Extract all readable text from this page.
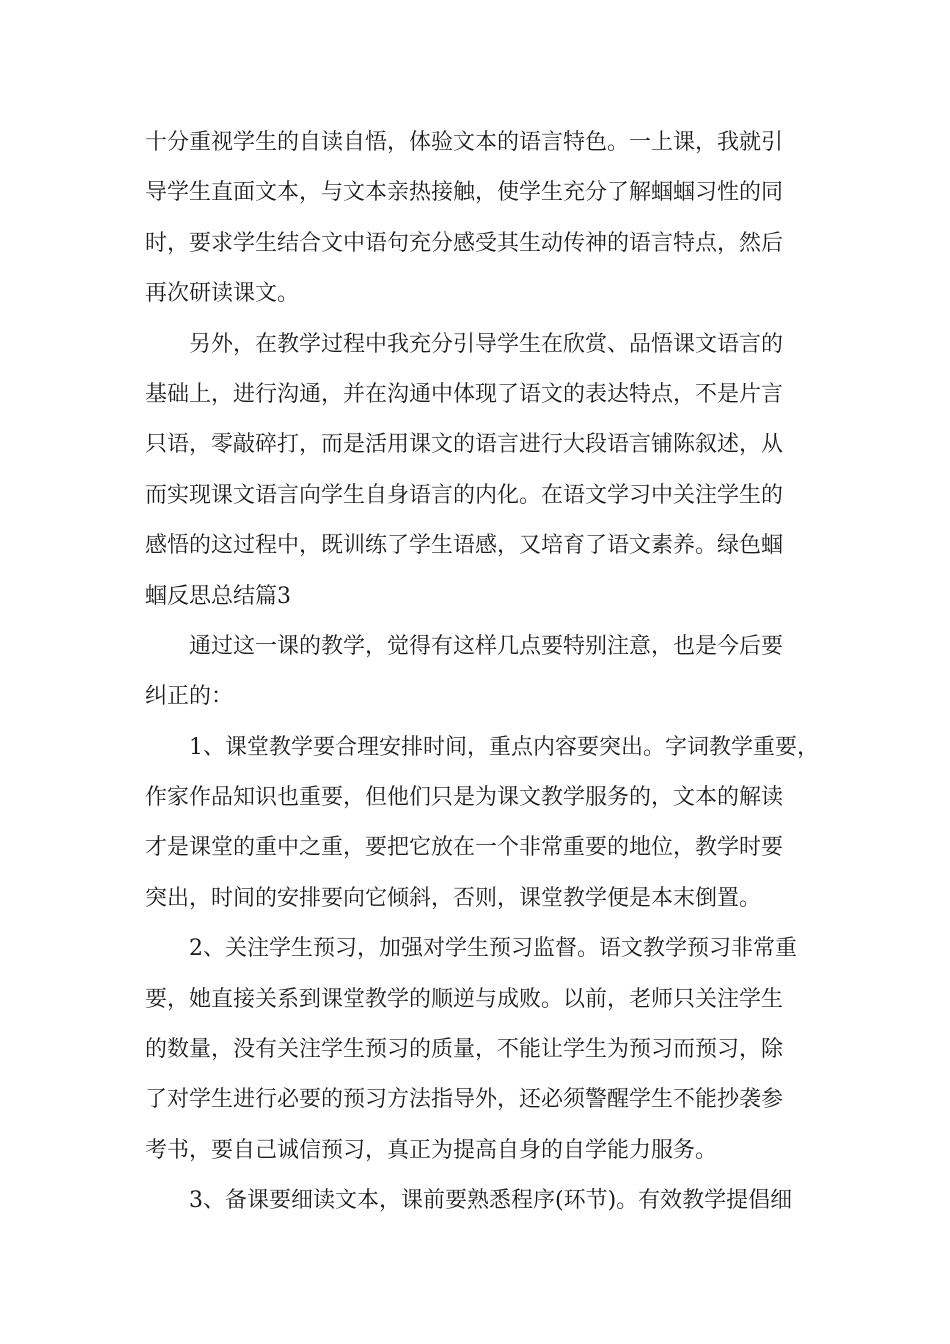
十分重视学生的自读自悟，体验文本的语言特色。一上课，我就引
导学生直面文本，与文本亲热接触，使学生充分了解蝈蝈习性的同
时，要求学生结合文中语句充分感受其生动传神的语言特点，然后
再次研读课文。
　　另外，在教学过程中我充分引导学生在欣赏、品悟课文语言的
基础上，进行沟通，并在沟通中体现了语文的表达特点，不是片言
只语，零敲碎打，而是活用课文的语言进行大段语言铺陈叙述，从
而实现课文语言向学生自身语言的内化。在语文学习中关注学生的
感悟的这过程中，既训练了学生语感，又培育了语文素养。绿色蝈
蝈反思总结篇3
　　通过这一课的教学，觉得有这样几点要特别注意，也是今后要
纠正的：
　　1、课堂教学要合理安排时间，重点内容要突出。字词教学重要，
作家作品知识也重要，但他们只是为课文教学服务的，文本的解读
才是课堂的重中之重，要把它放在一个非常重要的地位，教学时要
突出，时间的安排要向它倾斜，否则，课堂教学便是本末倒置。
　　2、关注学生预习，加强对学生预习监督。语文教学预习非常重
要，她直接关系到课堂教学的顺逆与成败。以前，老师只关注学生
的数量，没有关注学生预习的质量，不能让学生为预习而预习，除
了对学生进行必要的预习方法指导外，还必须警醒学生不能抄袭参
考书，要自己诚信预习，真正为提高自身的自学能力服务。
　　3、备课要细读文本，课前要熟悉程序(环节)。有效教学提倡细
